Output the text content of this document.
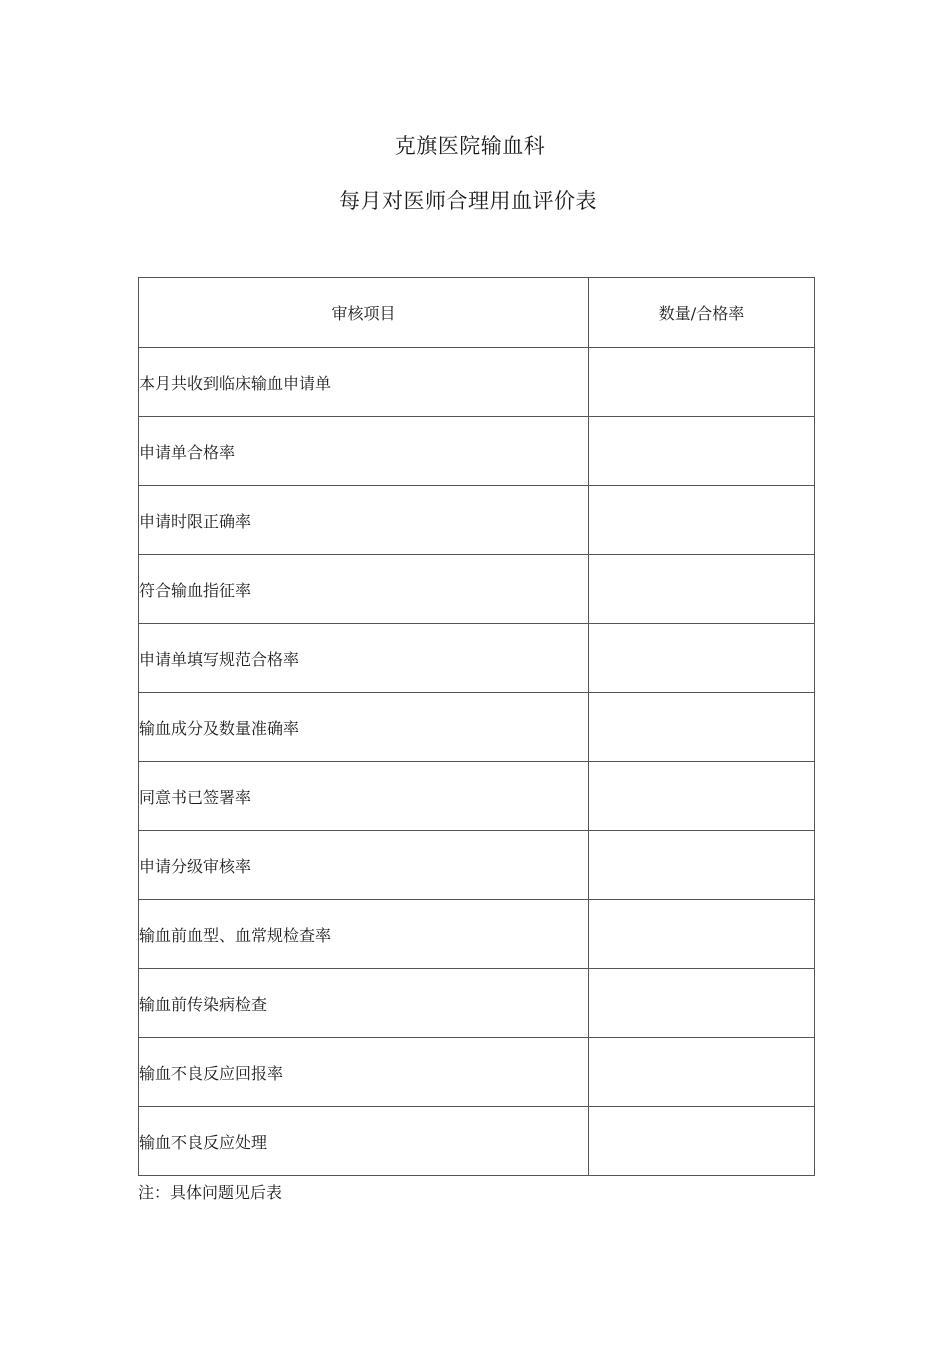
克旗医院输血科
每月对医师合理用血评价表
审核项目	数量/合格率
本月共收到临床输血申请单	
申请单合格率	
申请时限正确率	
符合输血指征率	
申请单填写规范合格率	
输血成分及数量准确率	
同意书已签署率	
申请分级审核率	
输血前血型、血常规检查率	
输血前传染病检查	
输血不良反应回报率	
输血不良反应处理	
注：具体问题见后表
